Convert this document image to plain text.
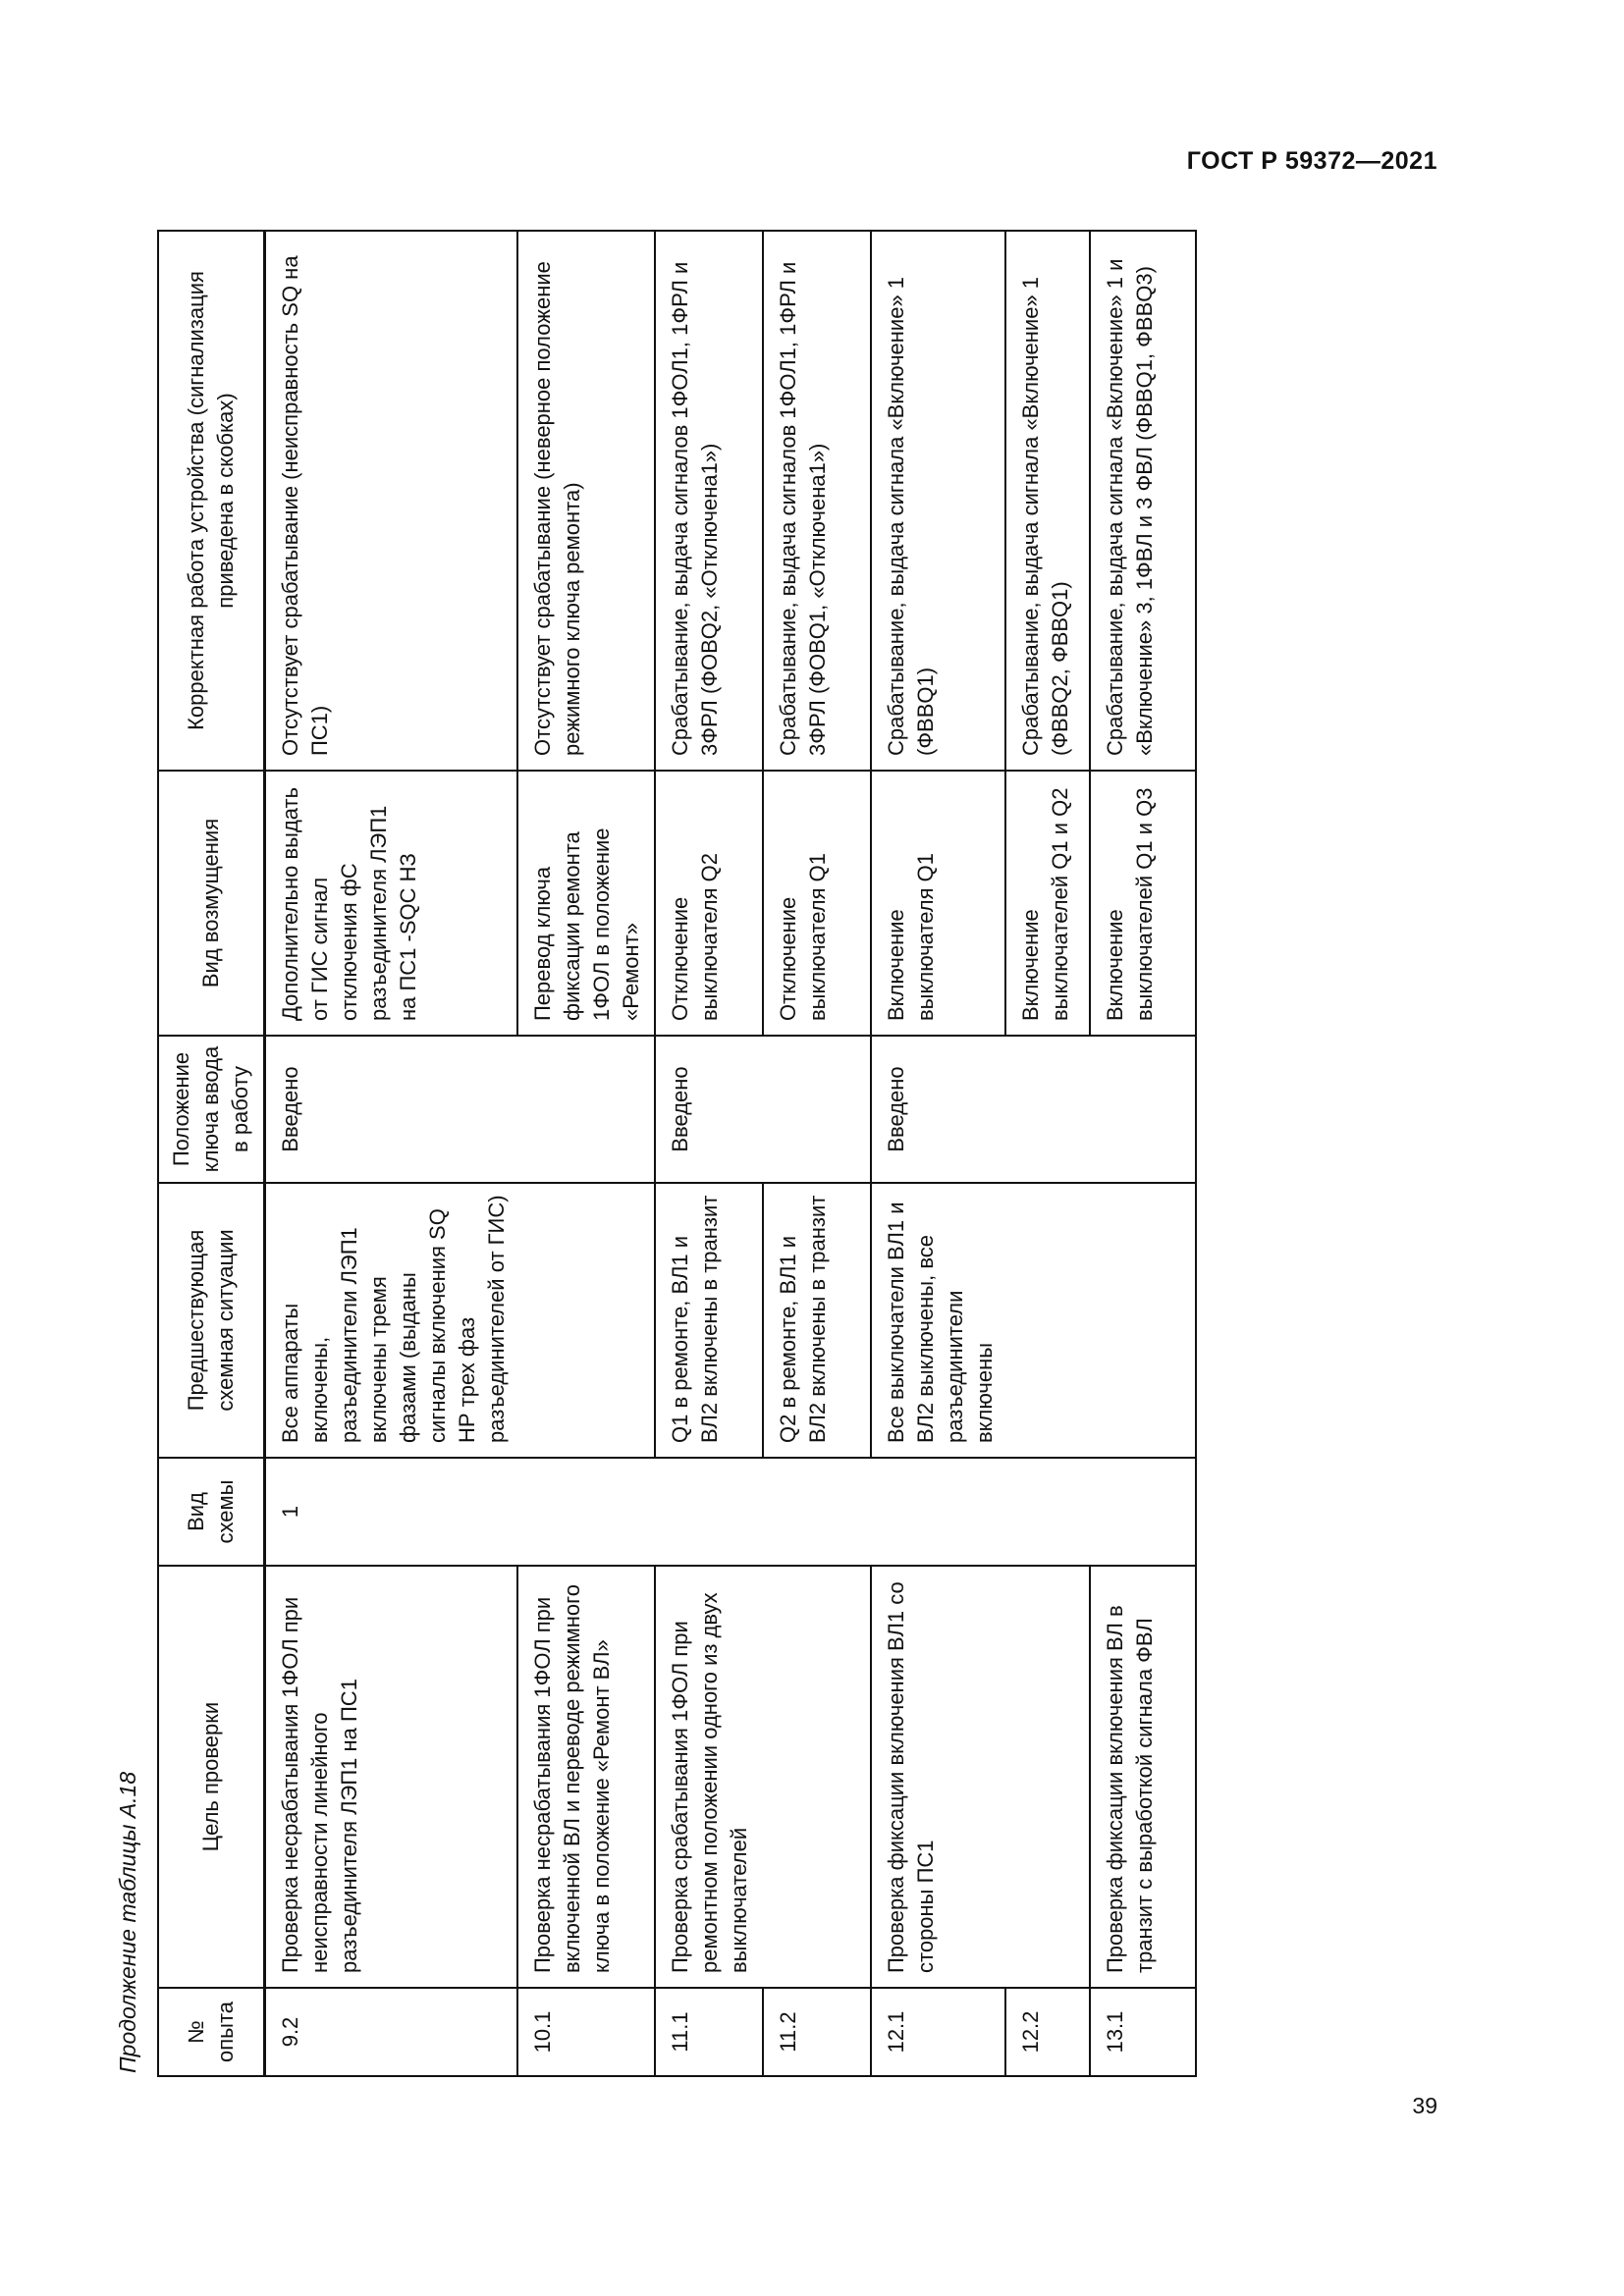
ГОСТ Р 59372—2021
Продолжение таблицы А.18	№ опыта	Цель проверки	Вид схемы	Предшествующая схемная ситуации	Положение ключа ввода в работу	Вид возмущения	Корректная работа устройства (сигнализация приведена в скобках)
9.2	Проверка несрабатывания 1ФОЛ при неисправности линейного разъединителя ЛЭП1 на ПС1	1	Все аппараты включены, разъединители ЛЭП1 включены тремя фазами (выданы сигналы включения SQ НР трех фаз разъединителей от ГИС)	Введено	Дополнительно выдать от ГИС сигнал отключения фС разъединителя ЛЭП1 на ПС1 -SQC НЗ	Отсутствует срабатывание (неисправность SQ на ПС1)
10.1	Проверка несрабатывания 1ФОЛ при включенной ВЛ и переводе режимного ключа в положение «Ремонт ВЛ»				Перевод ключа фиксации ремонта 1ФОЛ в положение «Ремонт»	Отсутствует срабатывание (неверное положение режимного ключа ремонта)
11.1	Проверка срабатывания 1ФОЛ при ремонтном положении одного из двух выключателей		Q1 в ремонте, ВЛ1 и ВЛ2 включены в транзит	Введено	Отключение выключателя Q2	Срабатывание, выдача сигналов 1ФОЛ1, 1ФРЛ и 3ФРЛ (ФОВQ2, «Отключена1»)
11.2			Q2 в ремонте, ВЛ1 и ВЛ2 включены в транзит		Отключение выключателя Q1	Срабатывание, выдача сигналов 1ФОЛ1, 1ФРЛ и 3ФРЛ (ФОВQ1, «Отключена1»)
12.1	Проверка фиксации включения ВЛ1 со стороны ПС1		Все выключатели ВЛ1 и ВЛ2 выключены, все разъединители включены	Введено	Включение выключателя Q1	Срабатывание, выдача сигнала «Включение» 1 (ФВВQ1)
12.2					Включение выключателей Q1 и Q2	Срабатывание, выдача сигнала «Включение» 1 (ФВВQ2, ФВВQ1)
13.1	Проверка фиксации включения ВЛ в транзит с выработкой сигнала ФВЛ				Включение выключателей Q1 и Q3	Срабатывание, выдача сигнала «Включение» 1 и «Включение» 3, 1ФВЛ и 3 ФВЛ (ФВВQ1, ФВВQ3)
39
